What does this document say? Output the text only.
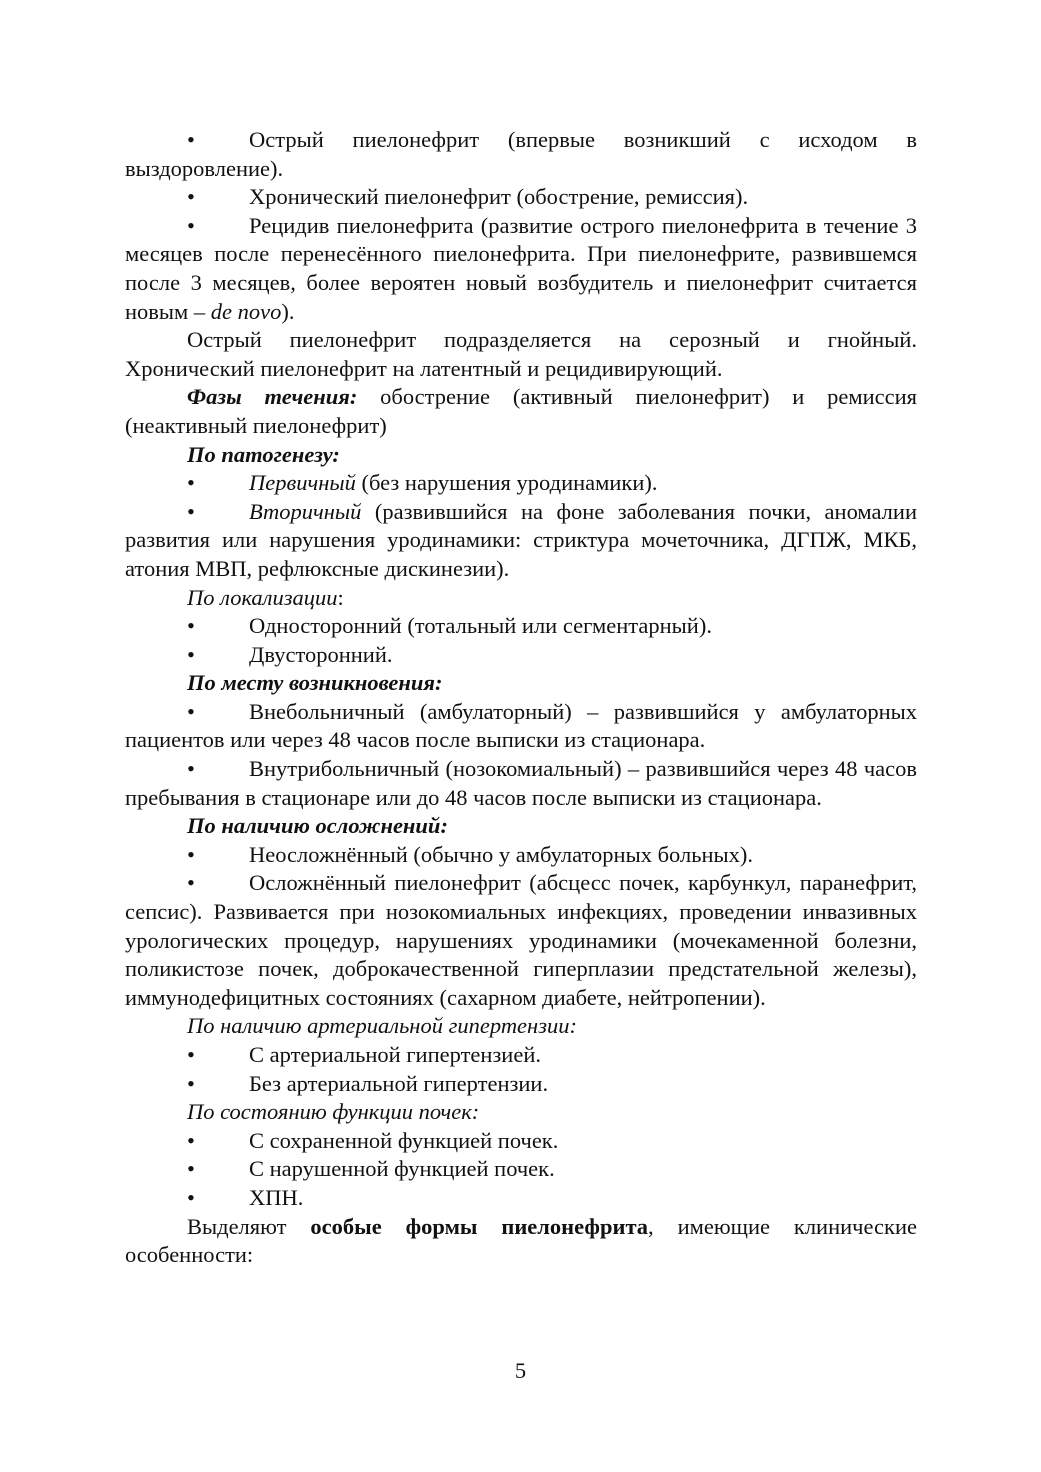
•	Острый пиелонефрит (впервые возникший с исходом в выздоровление).
•	Хронический пиелонефрит (обострение, ремиссия).
•	Рецидив пиелонефрита (развитие острого пиелонефрита в течение 3 месяцев после перенесённого пиелонефрита. При пиелонефрите, развившемся после 3 месяцев, более вероятен новый возбудитель и пиелонефрит считается новым – de novo).

Острый пиелонефрит подразделяется на серозный и гнойный. Хронический пиелонефрит на латентный и рецидивирующий.

Фазы течения: обострение (активный пиелонефрит) и ремиссия (неактивный пиелонефрит)

По патогенезу:
•	Первичный (без нарушения уродинамики).
•	Вторичный (развившийся на фоне заболевания почки, аномалии развития или нарушения уродинамики: стриктура мочеточника, ДГПЖ, МКБ, атония МВП, рефлюксные дискинезии).
По локализации:
•	Односторонний (тотальный или сегментарный).
•	Двусторонний.
По месту возникновения:
•	Внебольничный (амбулаторный) – развившийся у амбулаторных пациентов или через 48 часов после выписки из стационара.
•	Внутрибольничный (нозокомиальный) – развившийся через 48 часов пребывания в стационаре или до 48 часов после выписки из стационара.
По наличию осложнений:
•	Неосложнённый (обычно у амбулаторных больных).
•	Осложнённый пиелонефрит (абсцесс почек, карбункул, паранефрит, сепсис). Развивается при нозокомиальных инфекциях, проведении инвазивных урологических процедур, нарушениях уродинамики (мочекаменной болезни, поликистозе почек, доброкачественной гиперплазии предстательной железы), иммунодефицитных состояниях (сахарном диабете, нейтропении).
По наличию артериальной гипертензии:
•	С артериальной гипертензией.
•	Без артериальной гипертензии.
По состоянию функции почек:
•	С сохраненной функцией почек.
•	С нарушенной функцией почек.
•	ХПН.

Выделяют особые формы пиелонефрита, имеющие клинические особенности:

5
